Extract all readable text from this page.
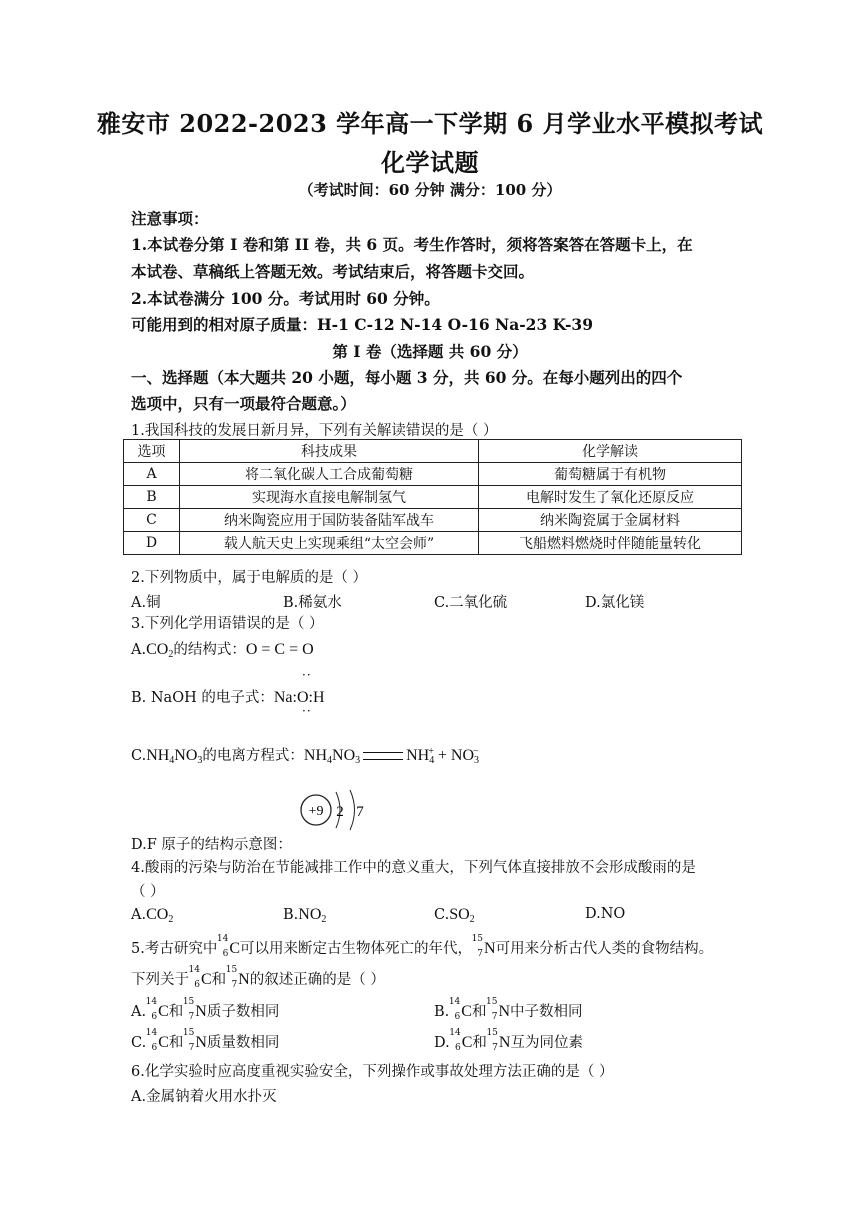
雅安市 2022-2023 学年高一下学期 6 月学业水平模拟考试
化学试题
（考试时间：60 分钟 满分：100 分）
注意事项：
1.本试卷分第 I 卷和第 II 卷，共 6 页。考生作答时，须将答案答在答题卡上，在
本试卷、草稿纸上答题无效。考试结束后，将答题卡交回。
2.本试卷满分 100 分。考试用时 60 分钟。
可能用到的相对原子质量：H-1 C-12 N-14 O-16 Na-23 K-39
第 I 卷（选择题 共 60 分）
一、选择题（本大题共 20 小题，每小题 3 分，共 60 分。在每小题列出的四个
选项中，只有一项最符合题意。）
1.我国科技的发展日新月异，下列有关解读错误的是（ ）
选项	科技成果	化学解读
A	将二氧化碳人工合成葡萄糖	葡萄糖属于有机物
B	实现海水直接电解制氢气	电解时发生了氧化还原反应
C	纳米陶瓷应用于国防装备陆军战车	纳米陶瓷属于金属材料
D	载人航天史上实现乘组“太空会师”	飞船燃料燃烧时伴随能量转化
2.下列物质中，属于电解质的是（ ）
A.铜	B.稀氨水	C.二氧化硫	D.氯化镁
3.下列化学用语错误的是（ ）
$A.CO_2$的结构式：O = C = O
··
B. NaOH 的电子式：Na:O:H
··
$C.NH_4NO_3$的电离方程式：$NH_4NO_3$	$NH_4^+ + NO_3^-$
+9 2 7
D.F 原子的结构示意图：
4.酸雨的污染与防治在节能减排工作中的意义重大，下列气体直接排放不会形成酸雨的是
（ ）
$A.CO_2$	$B.NO_2$	$C.SO_2$	D.NO
5.考古研究中
14
6 C可以用来断定古生物体死亡的年代，
15
7 N可用来分析古代人类的食物结构。
下列关于
14
6 C和
15
7 N的叙述正确的是（ ）
A.
14
6 C和
15
7 N质子数相同	B.
14
6 C和
15
7 N中子数相同
C.
14
6 C和
15
7 N质量数相同	D.
14
6 C和
15
7 N互为同位素
6.化学实验时应高度重视实验安全，下列操作或事故处理方法正确的是（ ）
A.金属钠着火用水扑灭
